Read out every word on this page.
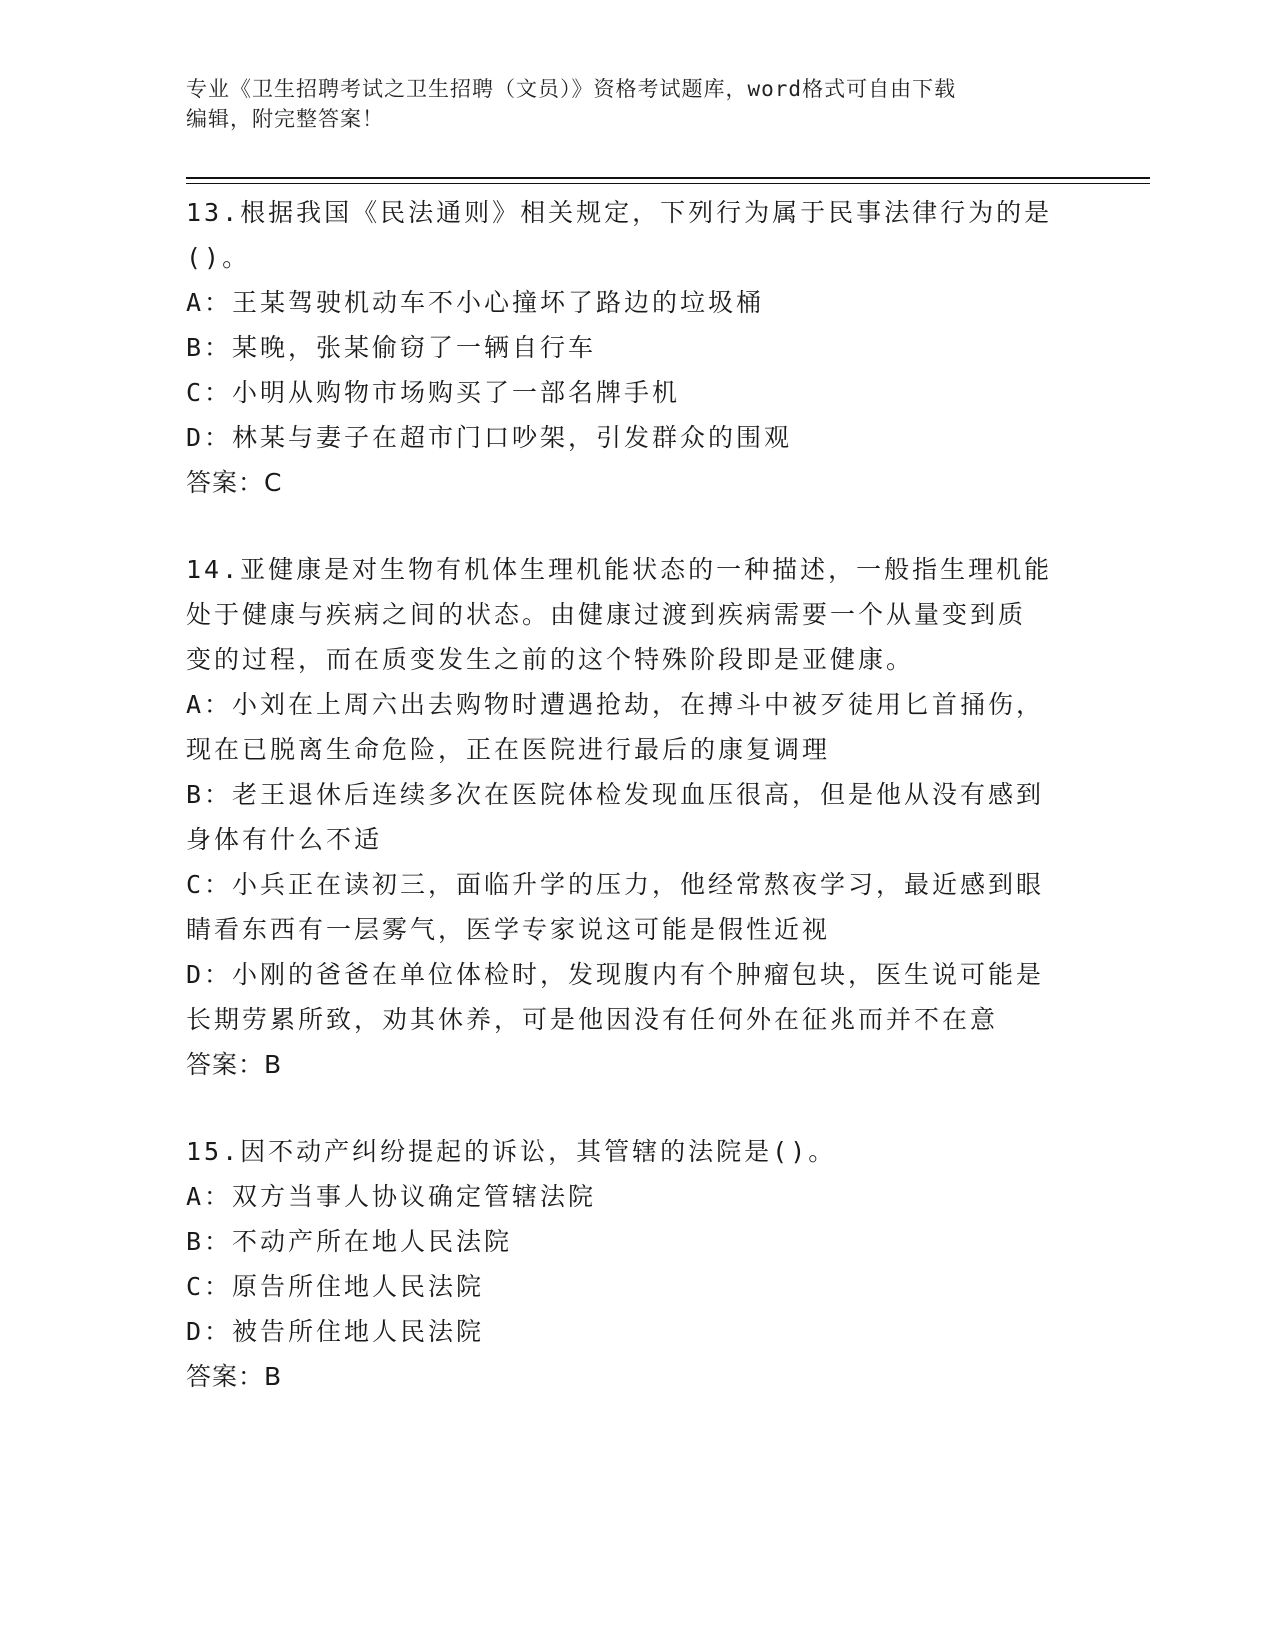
专业《卫生招聘考试之卫生招聘（文员）》资格考试题库，word格式可自由下载
编辑，附完整答案！
13.根据我国《民法通则》相关规定，下列行为属于民事法律行为的是
()。
A：王某驾驶机动车不小心撞坏了路边的垃圾桶
B：某晚，张某偷窃了一辆自行车
C：小明从购物市场购买了一部名牌手机
D：林某与妻子在超市门口吵架，引发群众的围观
答案：C
14.亚健康是对生物有机体生理机能状态的一种描述，一般指生理机能
处于健康与疾病之间的状态。由健康过渡到疾病需要一个从量变到质
变的过程，而在质变发生之前的这个特殊阶段即是亚健康。
A：小刘在上周六出去购物时遭遇抢劫，在搏斗中被歹徒用匕首捅伤，
现在已脱离生命危险，正在医院进行最后的康复调理
B：老王退休后连续多次在医院体检发现血压很高，但是他从没有感到
身体有什么不适
C：小兵正在读初三，面临升学的压力，他经常熬夜学习，最近感到眼
睛看东西有一层雾气，医学专家说这可能是假性近视
D：小刚的爸爸在单位体检时，发现腹内有个肿瘤包块，医生说可能是
长期劳累所致，劝其休养，可是他因没有任何外在征兆而并不在意
答案：B
15.因不动产纠纷提起的诉讼，其管辖的法院是()。
A：双方当事人协议确定管辖法院
B：不动产所在地人民法院
C：原告所住地人民法院
D：被告所住地人民法院
答案：B
